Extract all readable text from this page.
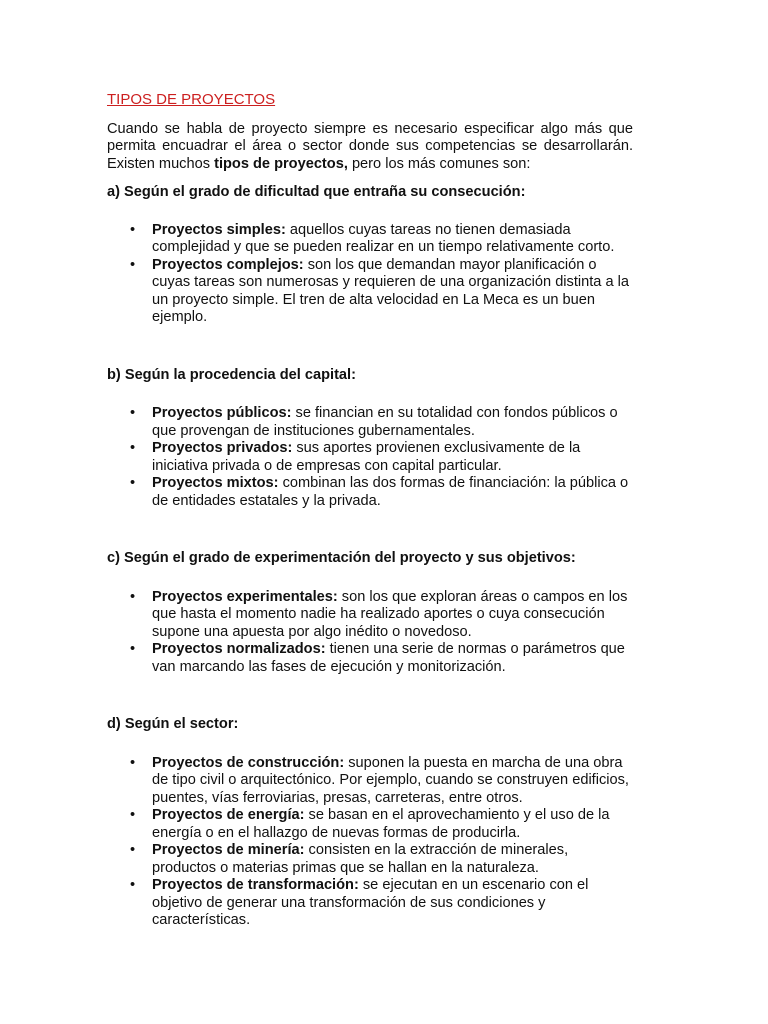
TIPOS DE PROYECTOS

Cuando se habla de proyecto siempre es necesario especificar algo más que permita encuadrar el área o sector donde sus competencias se desarrollarán. Existen muchos tipos de proyectos, pero los más comunes son:

a) Según el grado de dificultad que entraña su consecución:

• Proyectos simples: aquellos cuyas tareas no tienen demasiada complejidad y que se pueden realizar en un tiempo relativamente corto.
• Proyectos complejos: son los que demandan mayor planificación o cuyas tareas son numerosas y requieren de una organización distinta a la un proyecto simple. El tren de alta velocidad en La Meca es un buen ejemplo.

b) Según la procedencia del capital:

• Proyectos públicos: se financian en su totalidad con fondos públicos o que provengan de instituciones gubernamentales.
• Proyectos privados: sus aportes provienen exclusivamente de la iniciativa privada o de empresas con capital particular.
• Proyectos mixtos: combinan las dos formas de financiación: la pública o de entidades estatales y la privada.

c) Según el grado de experimentación del proyecto y sus objetivos:

• Proyectos experimentales: son los que exploran áreas o campos en los que hasta el momento nadie ha realizado aportes o cuya consecución supone una apuesta por algo inédito o novedoso.
• Proyectos normalizados: tienen una serie de normas o parámetros que van marcando las fases de ejecución y monitorización.

d) Según el sector:

• Proyectos de construcción: suponen la puesta en marcha de una obra de tipo civil o arquitectónico. Por ejemplo, cuando se construyen edificios, puentes, vías ferroviarias, presas, carreteras, entre otros.
• Proyectos de energía: se basan en el aprovechamiento y el uso de la energía o en el hallazgo de nuevas formas de producirla.
• Proyectos de minería: consisten en la extracción de minerales, productos o materias primas que se hallan en la naturaleza.
• Proyectos de transformación: se ejecutan en un escenario con el objetivo de generar una transformación de sus condiciones y características.
